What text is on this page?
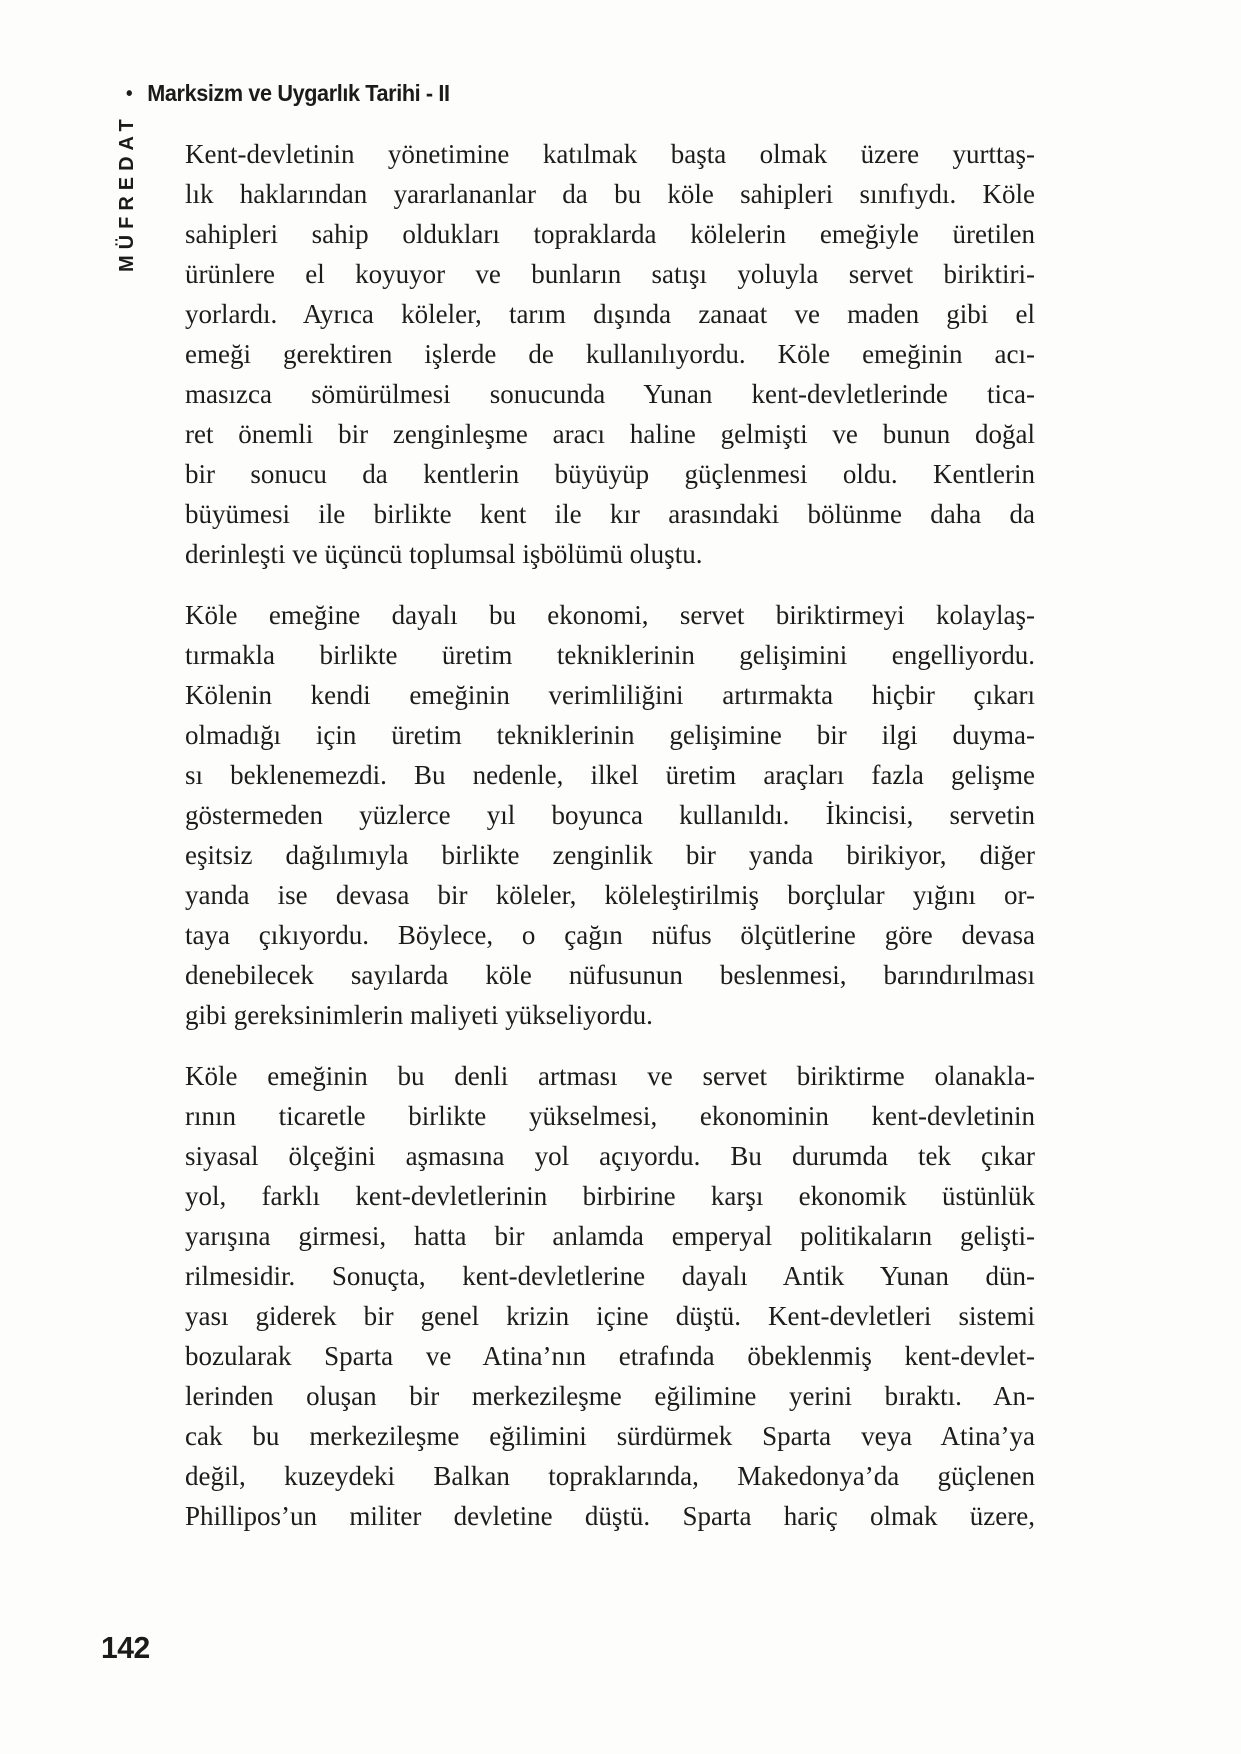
• Marksizm ve Uygarlık Tarihi - II
MÜFREDAT Kent-devletinin yönetimine katılmak başta olmak üzere yurttaş-
lık haklarından yararlananlar da bu köle sahipleri sınıfıydı. Köle
sahipleri sahip oldukları topraklarda kölelerin emeğiyle üretilen
ürünlere el koyuyor ve bunların satışı yoluyla servet biriktiri-
yorlardı. Ayrıca köleler, tarım dışında zanaat ve maden gibi el
emeği gerektiren işlerde de kullanılıyordu. Köle emeğinin acı-
masızca sömürülmesi sonucunda Yunan kent-devletlerinde tica-
ret önemli bir zenginleşme aracı haline gelmişti ve bunun doğal
bir sonucu da kentlerin büyüyüp güçlenmesi oldu. Kentlerin
büyümesi ile birlikte kent ile kır arasındaki bölünme daha da
derinleşti ve üçüncü toplumsal işbölümü oluştu.
Köle emeğine dayalı bu ekonomi, servet biriktirmeyi kolaylaş-
tırmakla birlikte üretim tekniklerinin gelişimini engelliyordu.
Kölenin kendi emeğinin verimliliğini artırmakta hiçbir çıkarı
olmadığı için üretim tekniklerinin gelişimine bir ilgi duyma-
sı beklenemezdi. Bu nedenle, ilkel üretim araçları fazla gelişme
göstermeden yüzlerce yıl boyunca kullanıldı. İkincisi, servetin
eşitsiz dağılımıyla birlikte zenginlik bir yanda birikiyor, diğer
yanda ise devasa bir köleler, köleleştirilmiş borçlular yığını or-
taya çıkıyordu. Böylece, o çağın nüfus ölçütlerine göre devasa
denebilecek sayılarda köle nüfusunun beslenmesi, barındırılması
gibi gereksinimlerin maliyeti yükseliyordu.
Köle emeğinin bu denli artması ve servet biriktirme olanakla-
rının ticaretle birlikte yükselmesi, ekonominin kent-devletinin
siyasal ölçeğini aşmasına yol açıyordu. Bu durumda tek çıkar
yol, farklı kent-devletlerinin birbirine karşı ekonomik üstünlük
yarışına girmesi, hatta bir anlamda emperyal politikaların gelişti-
rilmesidir. Sonuçta, kent-devletlerine dayalı Antik Yunan dün-
yası giderek bir genel krizin içine düştü. Kent-devletleri sistemi
bozularak Sparta ve Atina’nın etrafında öbeklenmiş kent-devlet-
lerinden oluşan bir merkezileşme eğilimine yerini bıraktı. An-
cak bu merkezileşme eğilimini sürdürmek Sparta veya Atina’ya
değil, kuzeydeki Balkan topraklarında, Makedonya’da güçlenen
Phillipos’un militer devletine düştü. Sparta hariç olmak üzere,
142
